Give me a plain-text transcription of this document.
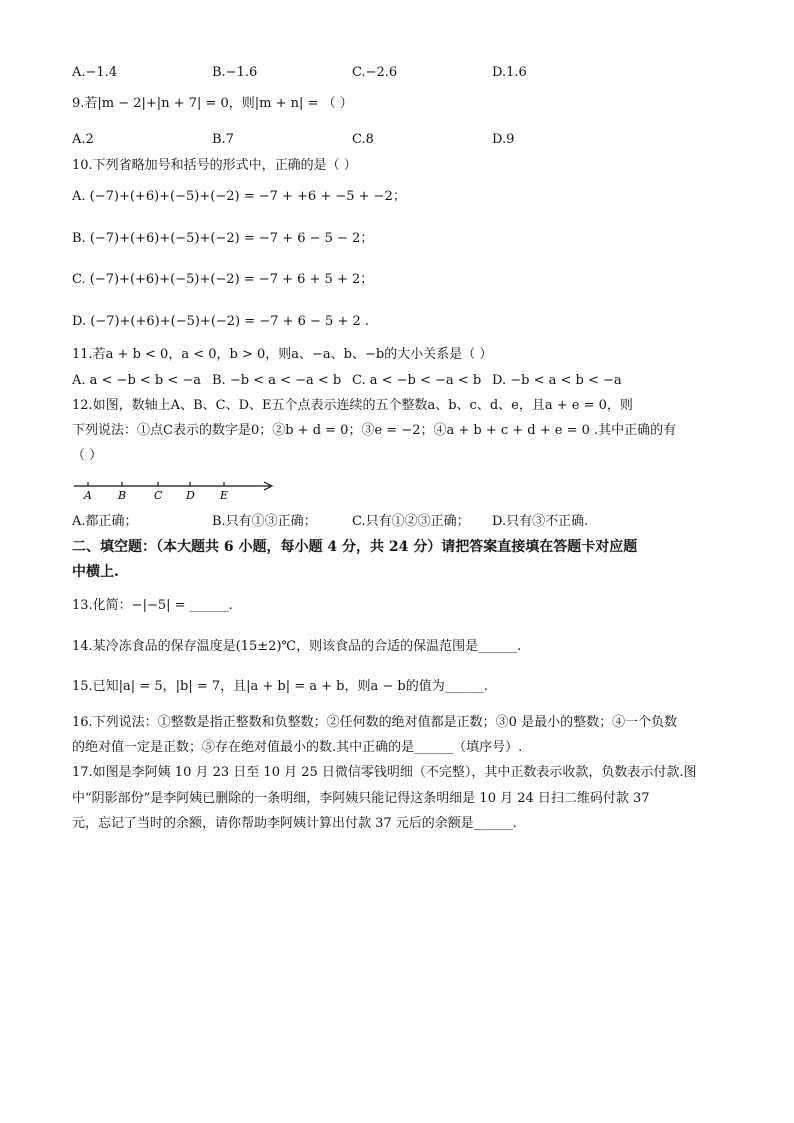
A.−1.4	B.−1.6	C.−2.6	D.1.6
9.若|m − 2|+|n + 7| = 0，则|m + n| = （ ）
A.2	B.7	C.8	D.9
10.下列省略加号和括号的形式中，正确的是（ ）
A. (−7)+(+6)+(−5)+(−2) = −7 + +6 + −5 + −2；
B. (−7)+(+6)+(−5)+(−2) = −7 + 6 − 5 − 2；
C. (−7)+(+6)+(−5)+(−2) = −7 + 6 + 5 + 2；
D. (−7)+(+6)+(−5)+(−2) = −7 + 6 − 5 + 2 .
11.若a + b < 0，a < 0，b > 0，则a、−a、b、−b的大小关系是（ ）
A. a < −b < b < −a B. −b < a < −a < b C. a < −b < −a < b D. −b < a < b < −a
12.如图，数轴上A、B、C、D、E五个点表示连续的五个整数a、b、c、d、e，且a + e = 0，则
下列说法：①点C表示的数字是0；②b + d = 0；③e = −2；④a + b + c + d + e = 0 .其中正确的有
（ ）
A B	C D E
A.都正确；	B.只有①③正确；	C.只有①②③正确； D.只有③不正确.
二、填空题：（本大题共 6 小题，每小题 4 分，共 24 分）请把答案直接填在答题卡对应题
中横上.
13.化简：−|−5| = ______.
14.某冷冻食品的保存温度是(15±2)℃，则该食品的合适的保温范围是______.
15.已知|a| = 5，|b| = 7，且|a + b| = a + b，则a − b的值为______.
16.下列说法：①整数是指正整数和负整数；②任何数的绝对值都是正数；③0 是最小的整数；④一个负数
的绝对值一定是正数；⑤存在绝对值最小的数.其中正确的是______（填序号）.
17.如图是李阿姨 10 月 23 日至 10 月 25 日微信零钱明细（不完整），其中正数表示收款，负数表示付款.图
中“阴影部份”是李阿姨已删除的一条明细，李阿姨只能记得这条明细是 10 月 24 日扫二维码付款 37
元，忘记了当时的余额，请你帮助李阿姨计算出付款 37 元后的余额是______.
